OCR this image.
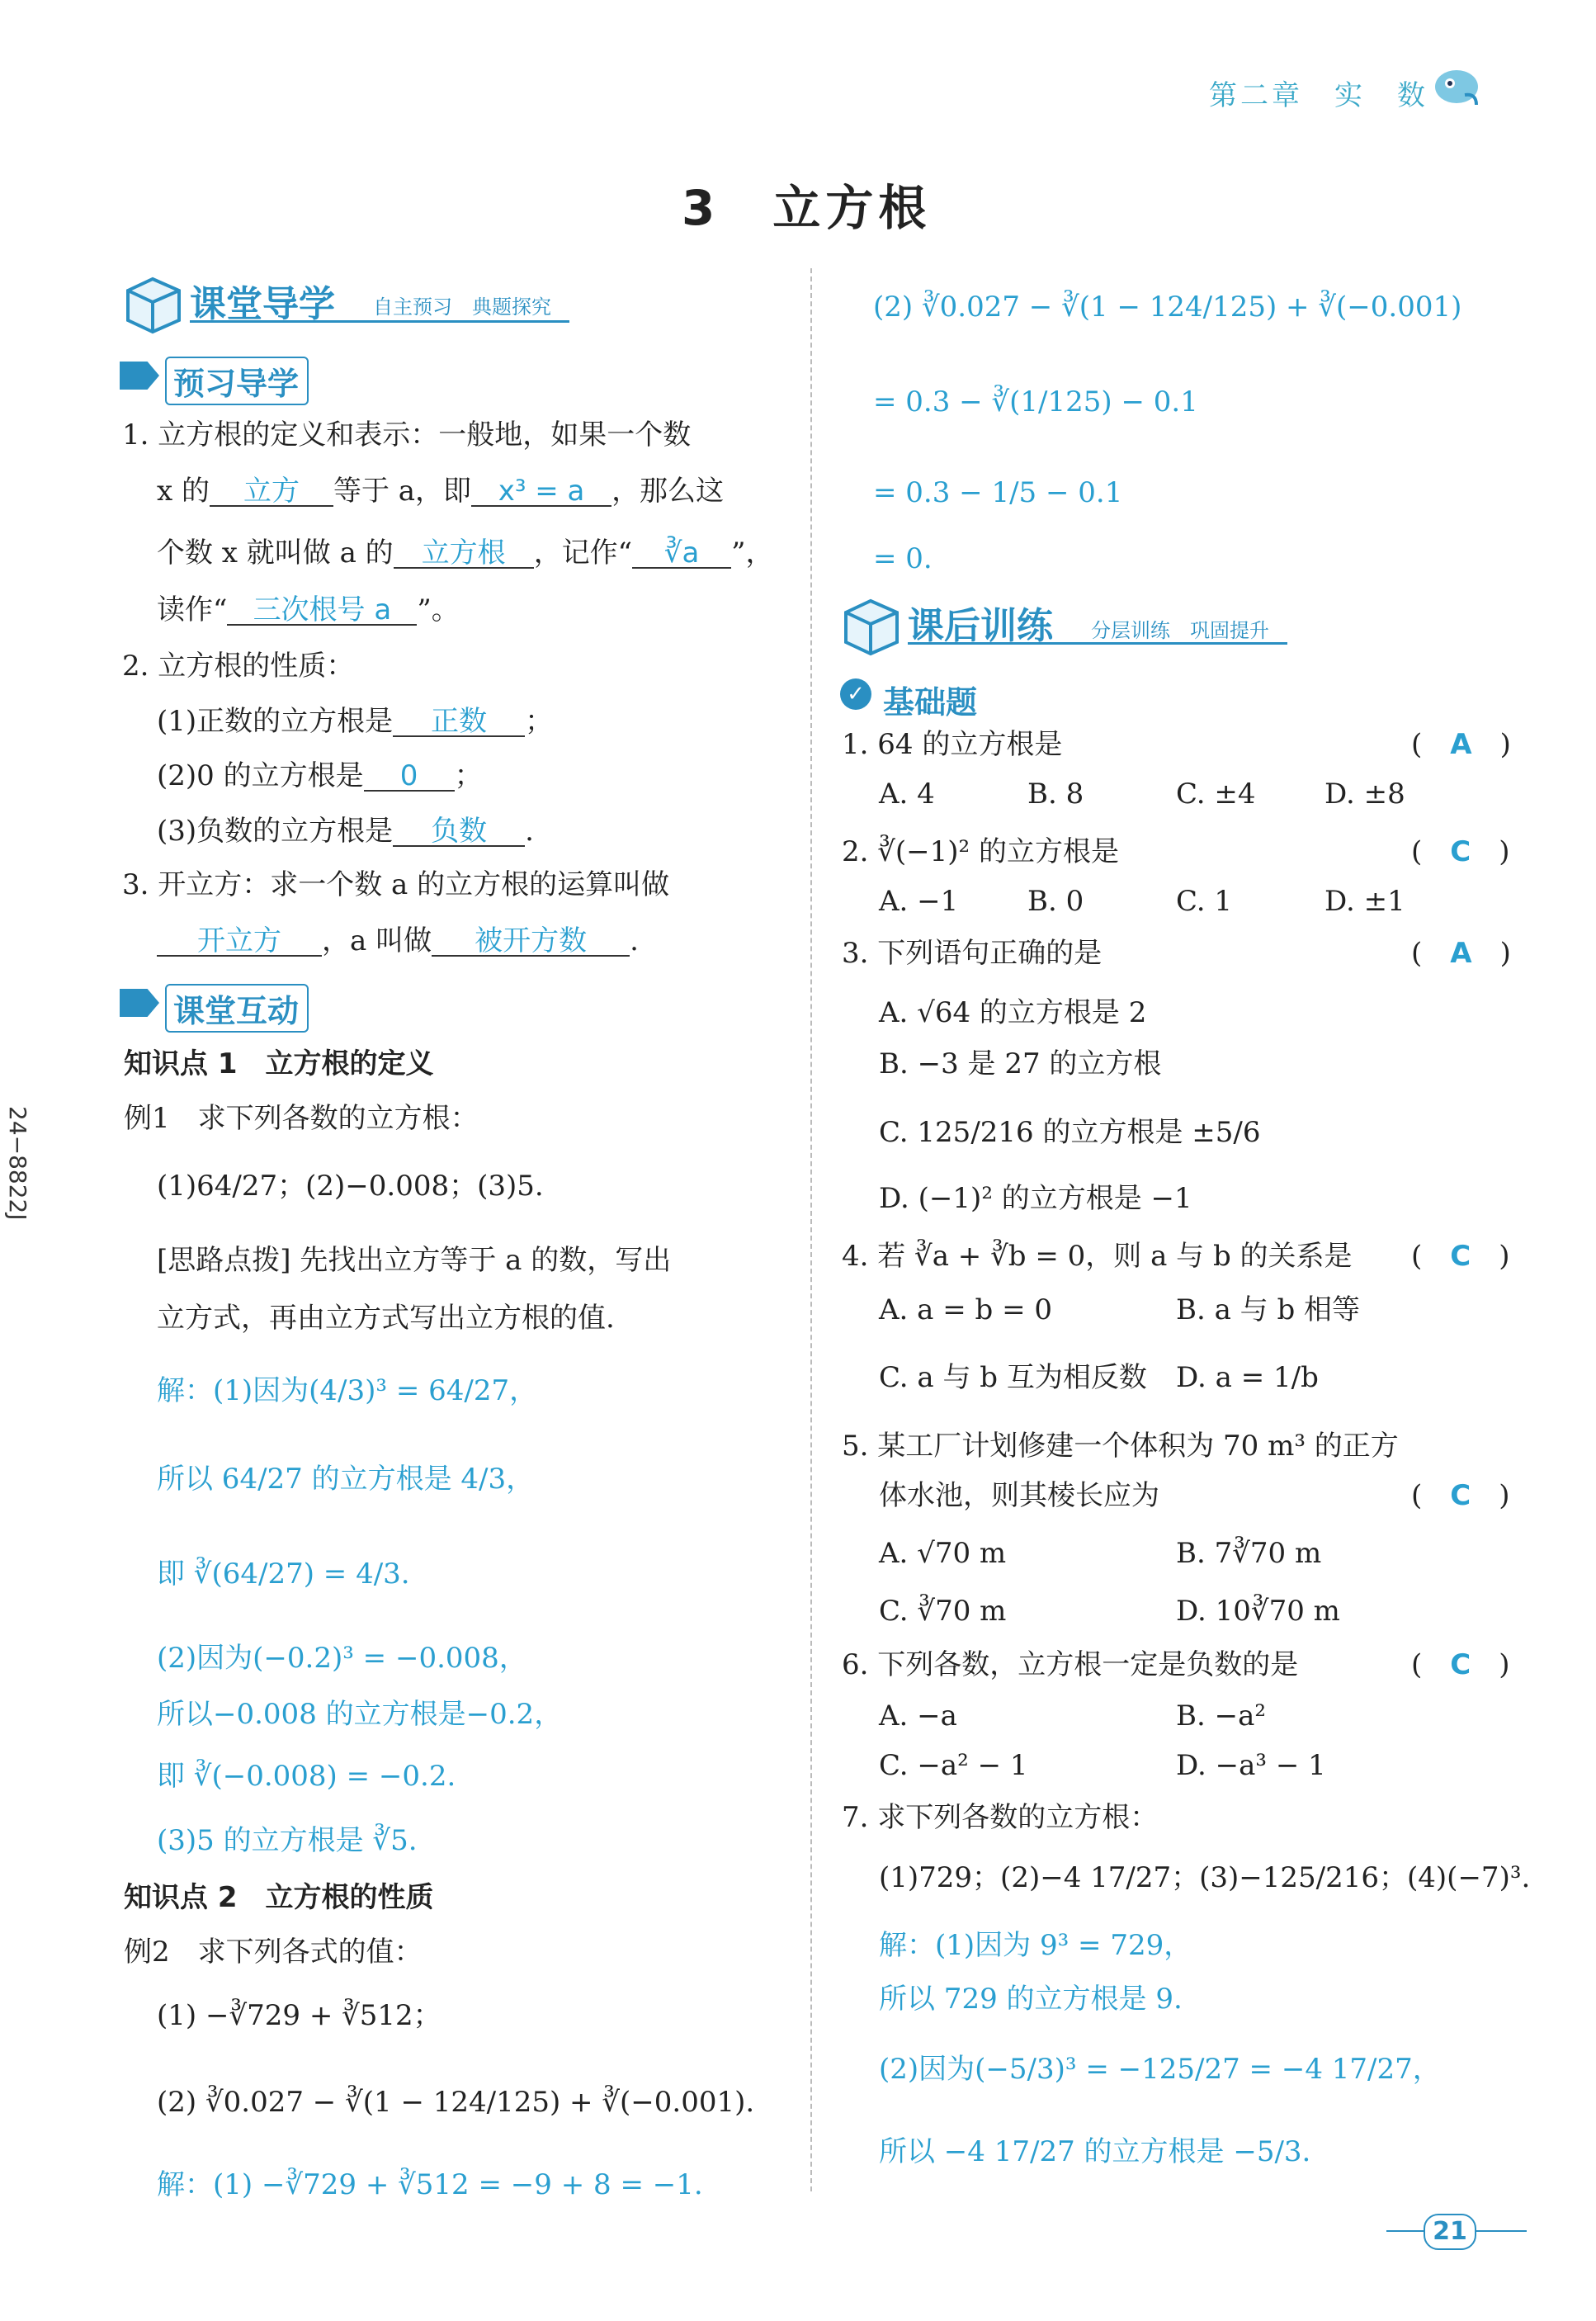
第二章　实　数
3　立方根
课堂导学 自主预习　典题探究
预习导学
1. 立方根的定义和表示：一般地，如果一个数
x 的 立方 等于 a，即 x³ = a ，那么这
个数 x 就叫做 a 的 立方根 ，记作“ ∛a ”，
读作“ 三次根号 a ”。
2. 立方根的性质：
(1)正数的立方根是 正数 ；
(2)0 的立方根是 0 ；
(3)负数的立方根是 负数 .
3. 开立方：求一个数 a 的立方根的运算叫做
开立方 ，a 叫做 被开方数 .
课堂互动
知识点 1　立方根的定义
例1　求下列各数的立方根：
(1)64/27；(2)−0.008；(3)5.
[思路点拨] 先找出立方等于 a 的数，写出
立方式，再由立方式写出立方根的值.
解：(1)因为(4/3)³ = 64/27，
所以 64/27 的立方根是 4/3，
即 ∛(64/27) = 4/3.
(2)因为(−0.2)³ = −0.008，
所以−0.008 的立方根是−0.2，
即 ∛(−0.008) = −0.2.
(3)5 的立方根是 ∛5.
知识点 2　立方根的性质
例2　求下列各式的值：
(1) −∛729 + ∛512；
(2) ∛0.027 − ∛(1 − 124/125) + ∛(−0.001).
解：(1) −∛729 + ∛512 = −9 + 8 = −1.
24−8822J
(2) ∛0.027 − ∛(1 − 124/125) + ∛(−0.001)
= 0.3 − ∛(1/125) − 0.1
= 0.3 − 1/5 − 0.1
= 0.
课后训练 分层训练　巩固提升
✓ 基础题
1. 64 的立方根是	(　A　)
A. 4	B. 8	C. ±4 D. ±8
2. ∛(−1)² 的立方根是	(　C　)
A. −1 B. 0	C. 1	D. ±1
3. 下列语句正确的是	(　A　)
A. √64 的立方根是 2
B. −3 是 27 的立方根
C. 125/216 的立方根是 ±5/6
D. (−1)² 的立方根是 −1
4. 若 ∛a + ∛b = 0，则 a 与 b 的关系是 (　C　)
A. a = b = 0	B. a 与 b 相等
C. a 与 b 互为相反数 D. a = 1/b
5. 某工厂计划修建一个体积为 70 m³ 的正方
体水池，则其棱长应为	(　C　)
A. √70 m	B. 7∛70 m
C. ∛70 m	D. 10∛70 m
6. 下列各数，立方根一定是负数的是	(　C　)
A. −a	B. −a²
C. −a² − 1	D. −a³ − 1
7. 求下列各数的立方根：
(1)729；(2)−4 17/27；(3)−125/216；(4)(−7)³.
解：(1)因为 9³ = 729，
所以 729 的立方根是 9.
(2)因为(−5/3)³ = −125/27 = −4 17/27，
所以 −4 17/27 的立方根是 −5/3.
21
